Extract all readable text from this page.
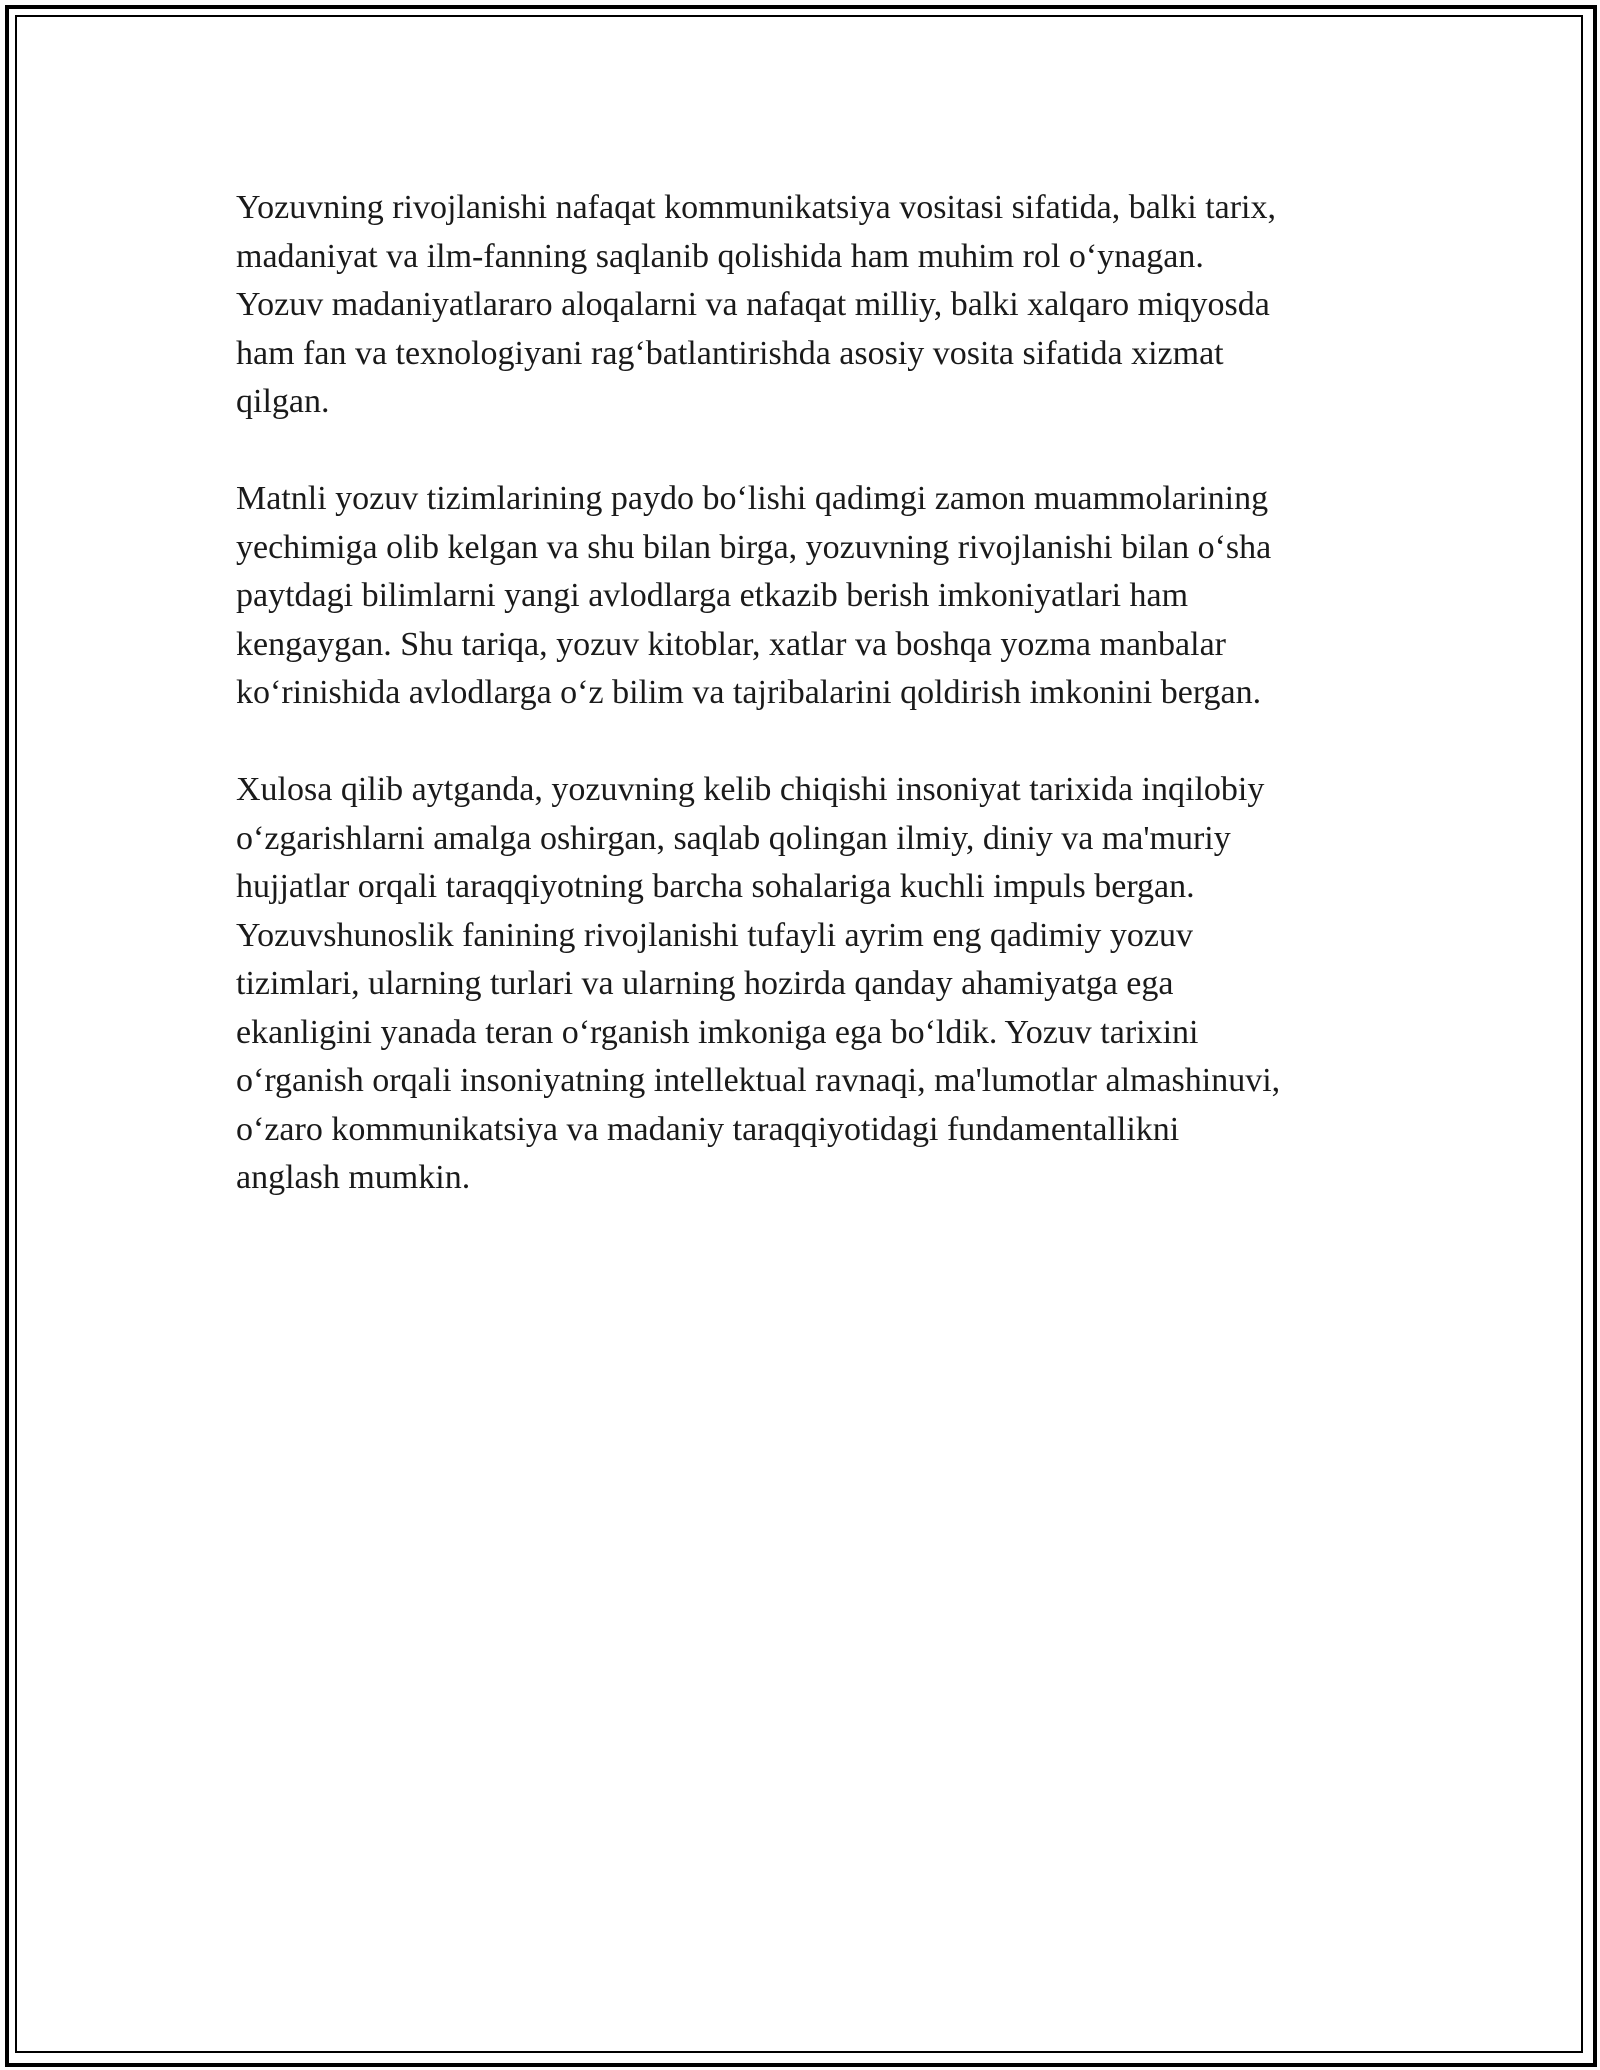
Yozuvning rivojlanishi nafaqat kommunikatsiya vositasi sifatida, balki tarix,
madaniyat va ilm-fanning saqlanib qolishida ham muhim rol o‘ynagan.
Yozuv madaniyatlararo aloqalarni va nafaqat milliy, balki xalqaro miqyosda
ham fan va texnologiyani rag‘batlantirishda asosiy vosita sifatida xizmat
qilgan.

Matnli yozuv tizimlarining paydo bo‘lishi qadimgi zamon muammolarining
yechimiga olib kelgan va shu bilan birga, yozuvning rivojlanishi bilan o‘sha
paytdagi bilimlarni yangi avlodlarga etkazib berish imkoniyatlari ham
kengaygan. Shu tariqa, yozuv kitoblar, xatlar va boshqa yozma manbalar
ko‘rinishida avlodlarga o‘z bilim va tajribalarini qoldirish imkonini bergan.

Xulosa qilib aytganda, yozuvning kelib chiqishi insoniyat tarixida inqilobiy
o‘zgarishlarni amalga oshirgan, saqlab qolingan ilmiy, diniy va ma'muriy
hujjatlar orqali taraqqiyotning barcha sohalariga kuchli impuls bergan.
Yozuvshunoslik fanining rivojlanishi tufayli ayrim eng qadimiy yozuv
tizimlari, ularning turlari va ularning hozirda qanday ahamiyatga ega
ekanligini yanada teran o‘rganish imkoniga ega bo‘ldik. Yozuv tarixini
o‘rganish orqali insoniyatning intellektual ravnaqi, ma'lumotlar almashinuvi,
o‘zaro kommunikatsiya va madaniy taraqqiyotidagi fundamentallikni
anglash mumkin.
